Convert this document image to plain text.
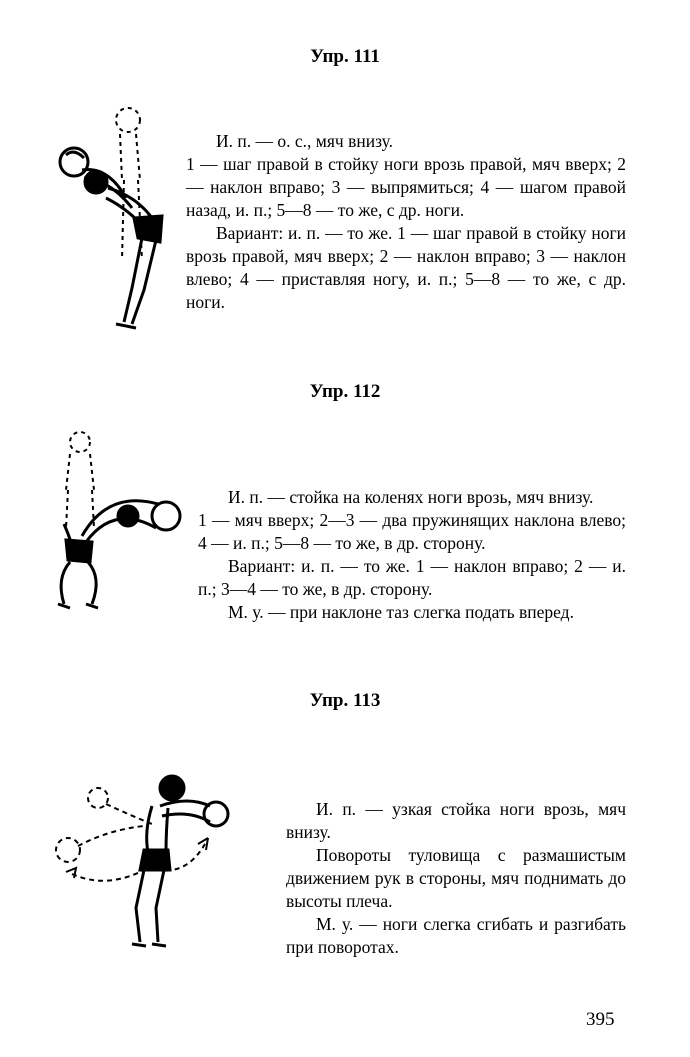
Упр. 111

И. п. — о. с., мяч внизу.

1 — шаг правой в стойку ноги врозь правой, мяч вверх; 2 — наклон вправо; 3 — выпрямиться; 4 — шагом правой назад, и. п.; 5—8 — то же, с др. ноги.

Вариант: и. п. — то же. 1 — шаг правой в стойку ноги врозь правой, мяч вверх; 2 — наклон вправо; 3 — наклон влево; 4 — приставляя ногу, и. п.; 5—8 — то же, с др. ноги.

Упр. 112

И. п. — стойка на коленях ноги врозь, мяч внизу.

1 — мяч вверх; 2—3 — два пружинящих наклона влево; 4 — и. п.; 5—8 — то же, в др. сторону.

Вариант: и. п. — то же. 1 — наклон вправо; 2 — и. п.; 3—4 — то же, в др. сторону.

М. у. — при наклоне таз слегка подать вперед.

Упр. 113

И. п. — узкая стойка ноги врозь, мяч внизу.

Повороты туловища с размашистым движением рук в стороны, мяч поднимать до высоты плеча.

М. у. — ноги слегка сгибать и разгибать при поворотах.

395
